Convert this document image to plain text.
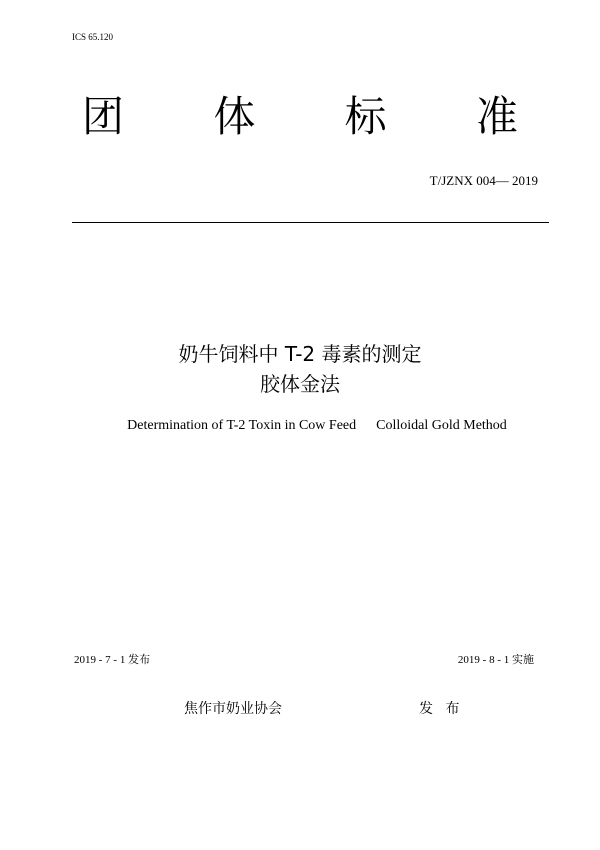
ICS 65.120
团 体 标 准
T/JZNX 004— 2019
奶牛饲料中 T-2 毒素的测定
胶体金法
Determination of T-2 Toxin in Cow Feed Colloidal Gold Method
2019 - 7 - 1 发布	2019 - 8 - 1 实施
焦作市奶业协会	发 布
